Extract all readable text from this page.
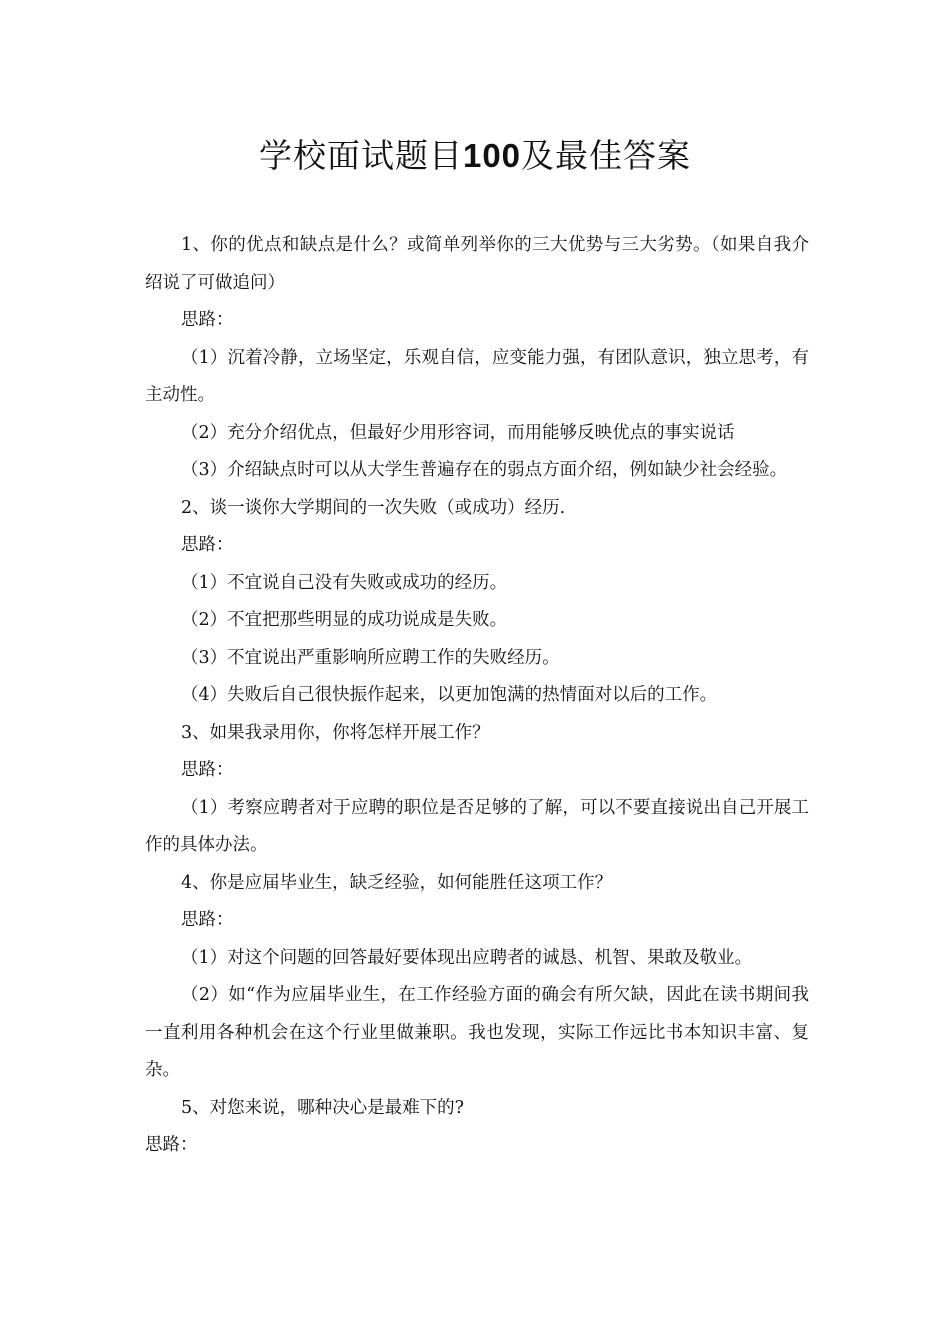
学校面试题目100及最佳答案

1、你的优点和缺点是什么？或简单列举你的三大优势与三大劣势。（如果自我介绍说了可做追问）

思路：

（1）沉着冷静，立场坚定，乐观自信，应变能力强，有团队意识，独立思考，有主动性。

（2）充分介绍优点，但最好少用形容词，而用能够反映优点的事实说话

（3）介绍缺点时可以从大学生普遍存在的弱点方面介绍，例如缺少社会经验。

2、谈一谈你大学期间的一次失败（或成功）经历.

思路：

（1）不宜说自己没有失败或成功的经历。

（2）不宜把那些明显的成功说成是失败。

（3）不宜说出严重影响所应聘工作的失败经历。

（4）失败后自己很快振作起来，以更加饱满的热情面对以后的工作。

3、如果我录用你，你将怎样开展工作？

思路：

（1）考察应聘者对于应聘的职位是否足够的了解，可以不要直接说出自己开展工作的具体办法。

4、你是应届毕业生，缺乏经验，如何能胜任这项工作？

思路：

（1）对这个问题的回答最好要体现出应聘者的诚恳、机智、果敢及敬业。

（2）如“作为应届毕业生，在工作经验方面的确会有所欠缺，因此在读书期间我一直利用各种机会在这个行业里做兼职。我也发现，实际工作远比书本知识丰富、复杂。

5、对您来说，哪种决心是最难下的?

思路：
